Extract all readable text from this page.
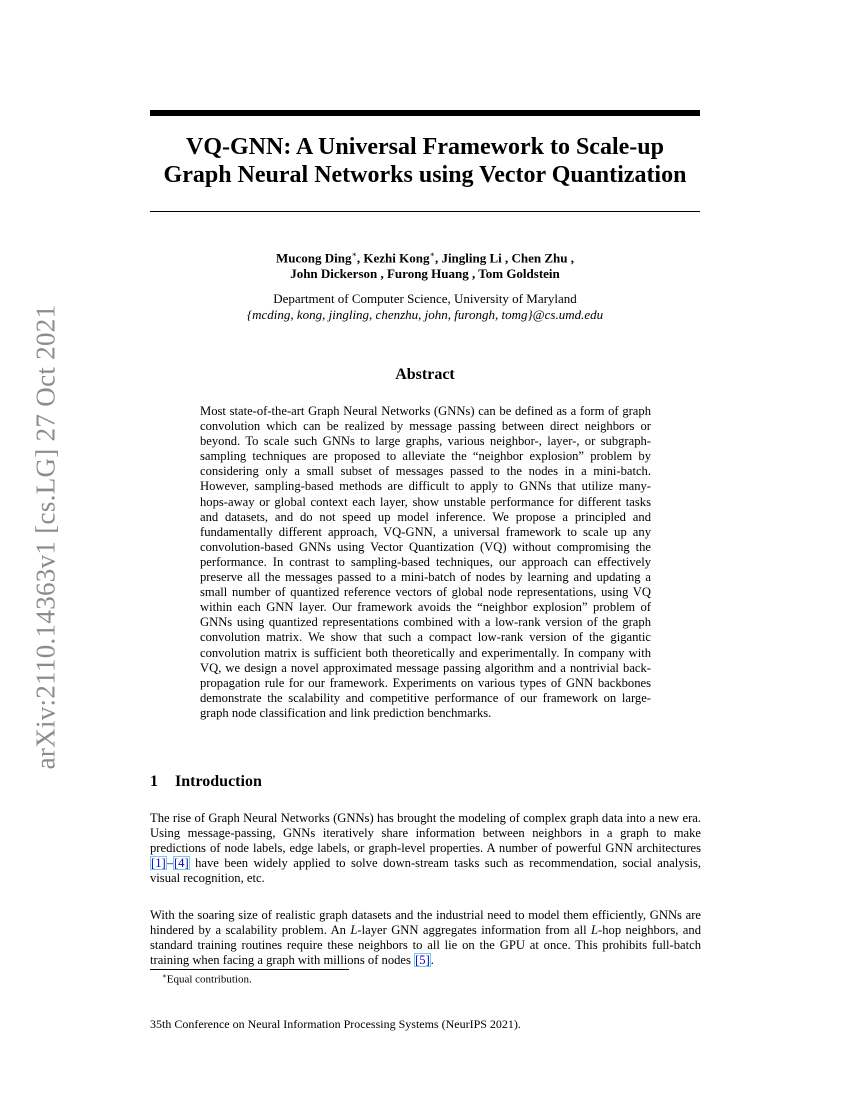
arXiv:2110.14363v1 [cs.LG] 27 Oct 2021
VQ-GNN: A Universal Framework to Scale-up
Graph Neural Networks using Vector Quantization
Mucong Ding∗, Kezhi Kong∗, Jingling Li , Chen Zhu ,
John Dickerson , Furong Huang , Tom Goldstein
Department of Computer Science, University of Maryland
{mcding, kong, jingling, chenzhu, john, furongh, tomg}@cs.umd.edu
Abstract

Most state-of-the-art Graph Neural Networks (GNNs) can be defined as a form of graph convolution which can be realized by message passing between direct neighbors or beyond. To scale such GNNs to large graphs, various neighbor-, layer-, or subgraph-sampling techniques are proposed to alleviate the “neighbor explosion” problem by considering only a small subset of messages passed to the nodes in a mini-batch. However, sampling-based methods are difficult to apply to GNNs that utilize many-hops-away or global context each layer, show unstable performance for different tasks and datasets, and do not speed up model inference. We propose a principled and fundamentally different approach, VQ-GNN, a universal framework to scale up any convolution-based GNNs using Vector Quantization (VQ) without compromising the performance. In contrast to sampling-based techniques, our approach can effectively preserve all the messages passed to a mini-batch of nodes by learning and updating a small number of quantized reference vectors of global node representations, using VQ within each GNN layer. Our framework avoids the “neighbor explosion” problem of GNNs using quantized representations combined with a low-rank version of the graph convolution matrix. We show that such a compact low-rank version of the gigantic convolution matrix is sufficient both theoretically and experimentally. In company with VQ, we design a novel approximated message passing algorithm and a nontrivial back-propagation rule for our framework. Experiments on various types of GNN backbones demonstrate the scalability and competitive performance of our framework on large-graph node classification and link prediction benchmarks.

1 Introduction

The rise of Graph Neural Networks (GNNs) has brought the modeling of complex graph data into a new era. Using message-passing, GNNs iteratively share information between neighbors in a graph to make predictions of node labels, edge labels, or graph-level properties. A number of powerful GNN architectures [1]–[4] have been widely applied to solve down-stream tasks such as recommendation, social analysis, visual recognition, etc.

With the soaring size of realistic graph datasets and the industrial need to model them efficiently, GNNs are hindered by a scalability problem. An L-layer GNN aggregates information from all L-hop neighbors, and standard training routines require these neighbors to all lie on the GPU at once. This prohibits full-batch training when facing a graph with millions of nodes [5].

∗Equal contribution.
35th Conference on Neural Information Processing Systems (NeurIPS 2021).
